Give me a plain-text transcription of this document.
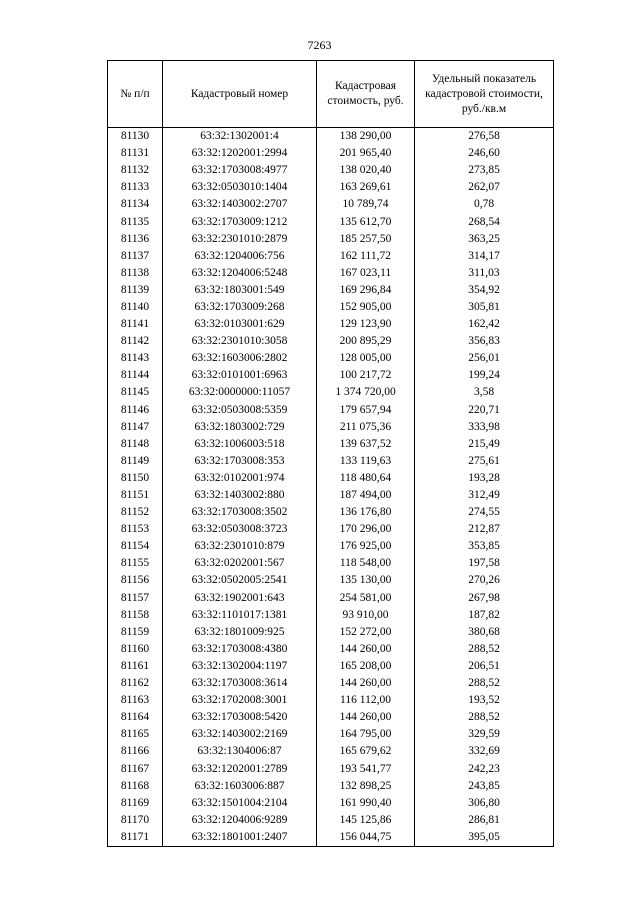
7263
№ п/п	Кадастровый номер	Кадастровая стоимость, руб.	Удельный показатель кадастровой стоимости, руб./кв.м
81130	63:32:1302001:4	138 290,00	276,58
81131	63:32:1202001:2994	201 965,40	246,60
81132	63:32:1703008:4977	138 020,40	273,85
81133	63:32:0503010:1404	163 269,61	262,07
81134	63:32:1403002:2707	10 789,74	0,78
81135	63:32:1703009:1212	135 612,70	268,54
81136	63:32:2301010:2879	185 257,50	363,25
81137	63:32:1204006:756	162 111,72	314,17
81138	63:32:1204006:5248	167 023,11	311,03
81139	63:32:1803001:549	169 296,84	354,92
81140	63:32:1703009:268	152 905,00	305,81
81141	63:32:0103001:629	129 123,90	162,42
81142	63:32:2301010:3058	200 895,29	356,83
81143	63:32:1603006:2802	128 005,00	256,01
81144	63:32:0101001:6963	100 217,72	199,24
81145	63:32:0000000:11057	1 374 720,00	3,58
81146	63:32:0503008:5359	179 657,94	220,71
81147	63:32:1803002:729	211 075,36	333,98
81148	63:32:1006003:518	139 637,52	215,49
81149	63:32:1703008:353	133 119,63	275,61
81150	63:32:0102001:974	118 480,64	193,28
81151	63:32:1403002:880	187 494,00	312,49
81152	63:32:1703008:3502	136 176,80	274,55
81153	63:32:0503008:3723	170 296,00	212,87
81154	63:32:2301010:879	176 925,00	353,85
81155	63:32:0202001:567	118 548,00	197,58
81156	63:32:0502005:2541	135 130,00	270,26
81157	63:32:1902001:643	254 581,00	267,98
81158	63:32:1101017:1381	93 910,00	187,82
81159	63:32:1801009:925	152 272,00	380,68
81160	63:32:1703008:4380	144 260,00	288,52
81161	63:32:1302004:1197	165 208,00	206,51
81162	63:32:1703008:3614	144 260,00	288,52
81163	63:32:1702008:3001	116 112,00	193,52
81164	63:32:1703008:5420	144 260,00	288,52
81165	63:32:1403002:2169	164 795,00	329,59
81166	63:32:1304006:87	165 679,62	332,69
81167	63:32:1202001:2789	193 541,77	242,23
81168	63:32:1603006:887	132 898,25	243,85
81169	63:32:1501004:2104	161 990,40	306,80
81170	63:32:1204006:9289	145 125,86	286,81
81171	63:32:1801001:2407	156 044,75	395,05
